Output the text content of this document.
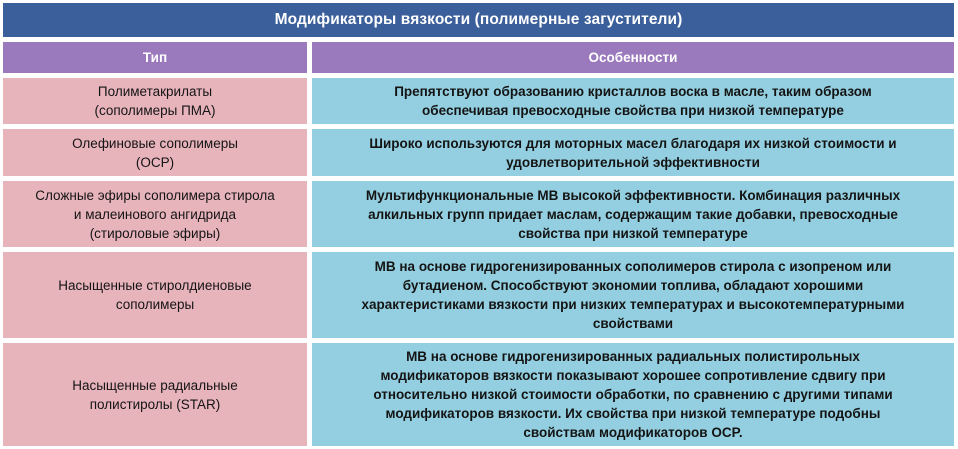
Модификаторы вязкости (полимерные загустители)
Тип	Особенности
Полиметакрилаты
(сополимеры ПМА)
Препятствуют образованию кристаллов воска в масле, таким образом
обеспечивая превосходные свойства при низкой температуре
Олефиновые сополимеры
(OCP)
Широко используются для моторных масел благодаря их низкой стоимости и
удовлетворительной эффективности
Сложные эфиры сополимера стирола
и малеинового ангидрида
(стироловые эфиры)
Мультифункциональные МВ высокой эффективности. Комбинация различных
алкильных групп придает маслам, содержащим такие добавки, превосходные
свойства при низкой температуре
Насыщенные стиролдиеновые
сополимеры
МВ на основе гидрогенизированных сополимеров стирола с изопреном или
бутадиеном. Способствуют экономии топлива, обладают хорошими
характеристиками вязкости при низких температурах и высокотемпературными
свойствами
Насыщенные радиальные
полистиролы (STAR)
МВ на основе гидрогенизированных радиальных полистирольных
модификаторов вязкости показывают хорошее сопротивление сдвигу при
относительно низкой стоимости обработки, по сравнению с другими типами
модификаторов вязкости. Их свойства при низкой температуре подобны
свойствам модификаторов OCP.
